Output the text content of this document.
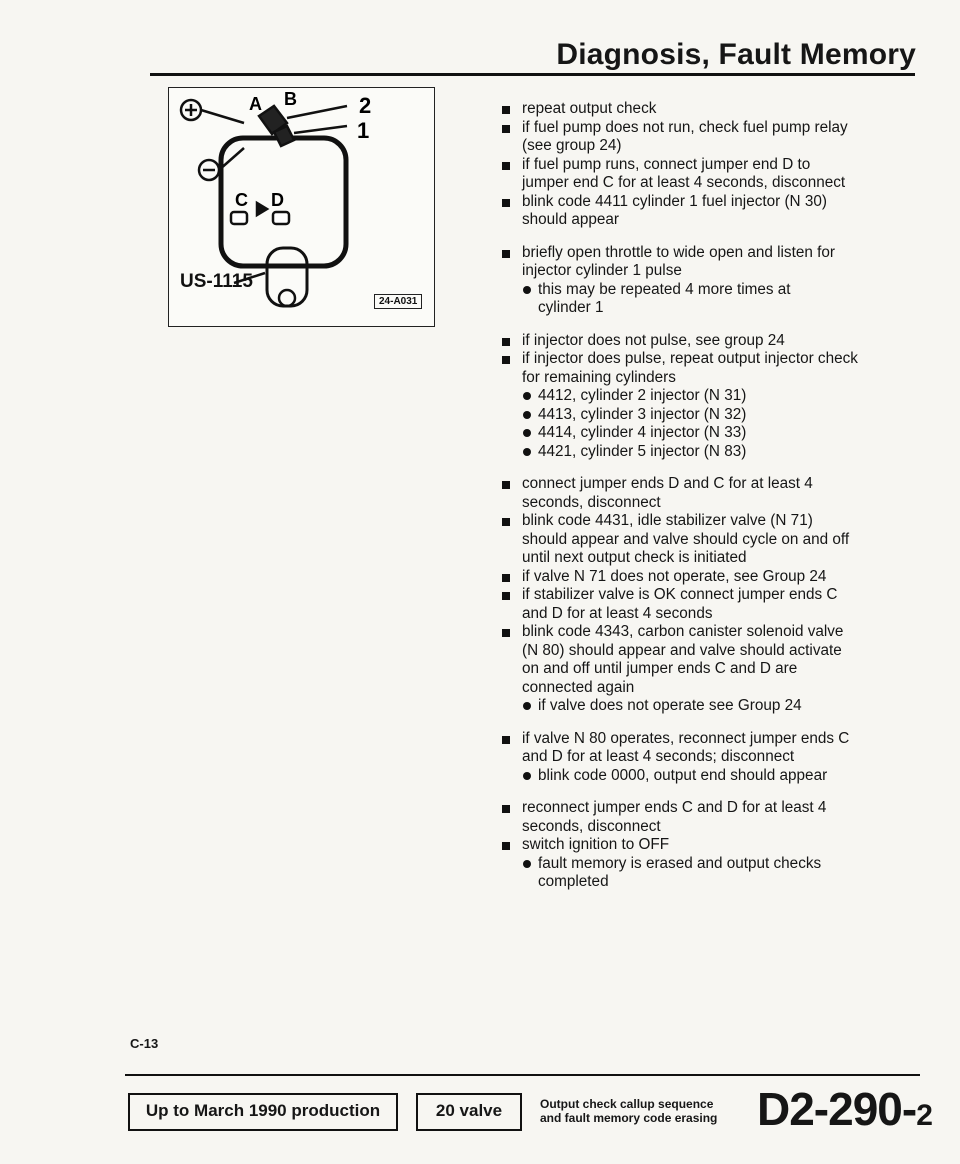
Diagnosis, Fault Memory
A B	2
1
C D
US-1115
24-A031
repeat output check
if fuel pump does not run, check fuel pump relay
(see group 24)
if fuel pump runs, connect jumper end D to
jumper end C for at least 4 seconds, disconnect
blink code 4411 cylinder 1 fuel injector (N 30)
should appear
briefly open throttle to wide open and listen for
injector cylinder 1 pulse
this may be repeated 4 more times at
cylinder 1
if injector does not pulse, see group 24
if injector does pulse, repeat output injector check
for remaining cylinders
4412, cylinder 2 injector (N 31)
4413, cylinder 3 injector (N 32)
4414, cylinder 4 injector (N 33)
4421, cylinder 5 injector (N 83)
connect jumper ends D and C for at least 4
seconds, disconnect
blink code 4431, idle stabilizer valve (N 71)
should appear and valve should cycle on and off
until next output check is initiated
if valve N 71 does not operate, see Group 24
if stabilizer valve is OK connect jumper ends C
and D for at least 4 seconds
blink code 4343, carbon canister solenoid valve
(N 80) should appear and valve should activate
on and off until jumper ends C and D are
connected again
if valve does not operate see Group 24
if valve N 80 operates, reconnect jumper ends C
and D for at least 4 seconds; disconnect
blink code 0000, output end should appear
reconnect jumper ends C and D for at least 4
seconds, disconnect
switch ignition to OFF
fault memory is erased and output checks
completed
C-13
Up to March 1990 production	20 valve	Output check callup sequence
and fault memory code erasing D2-290-2
